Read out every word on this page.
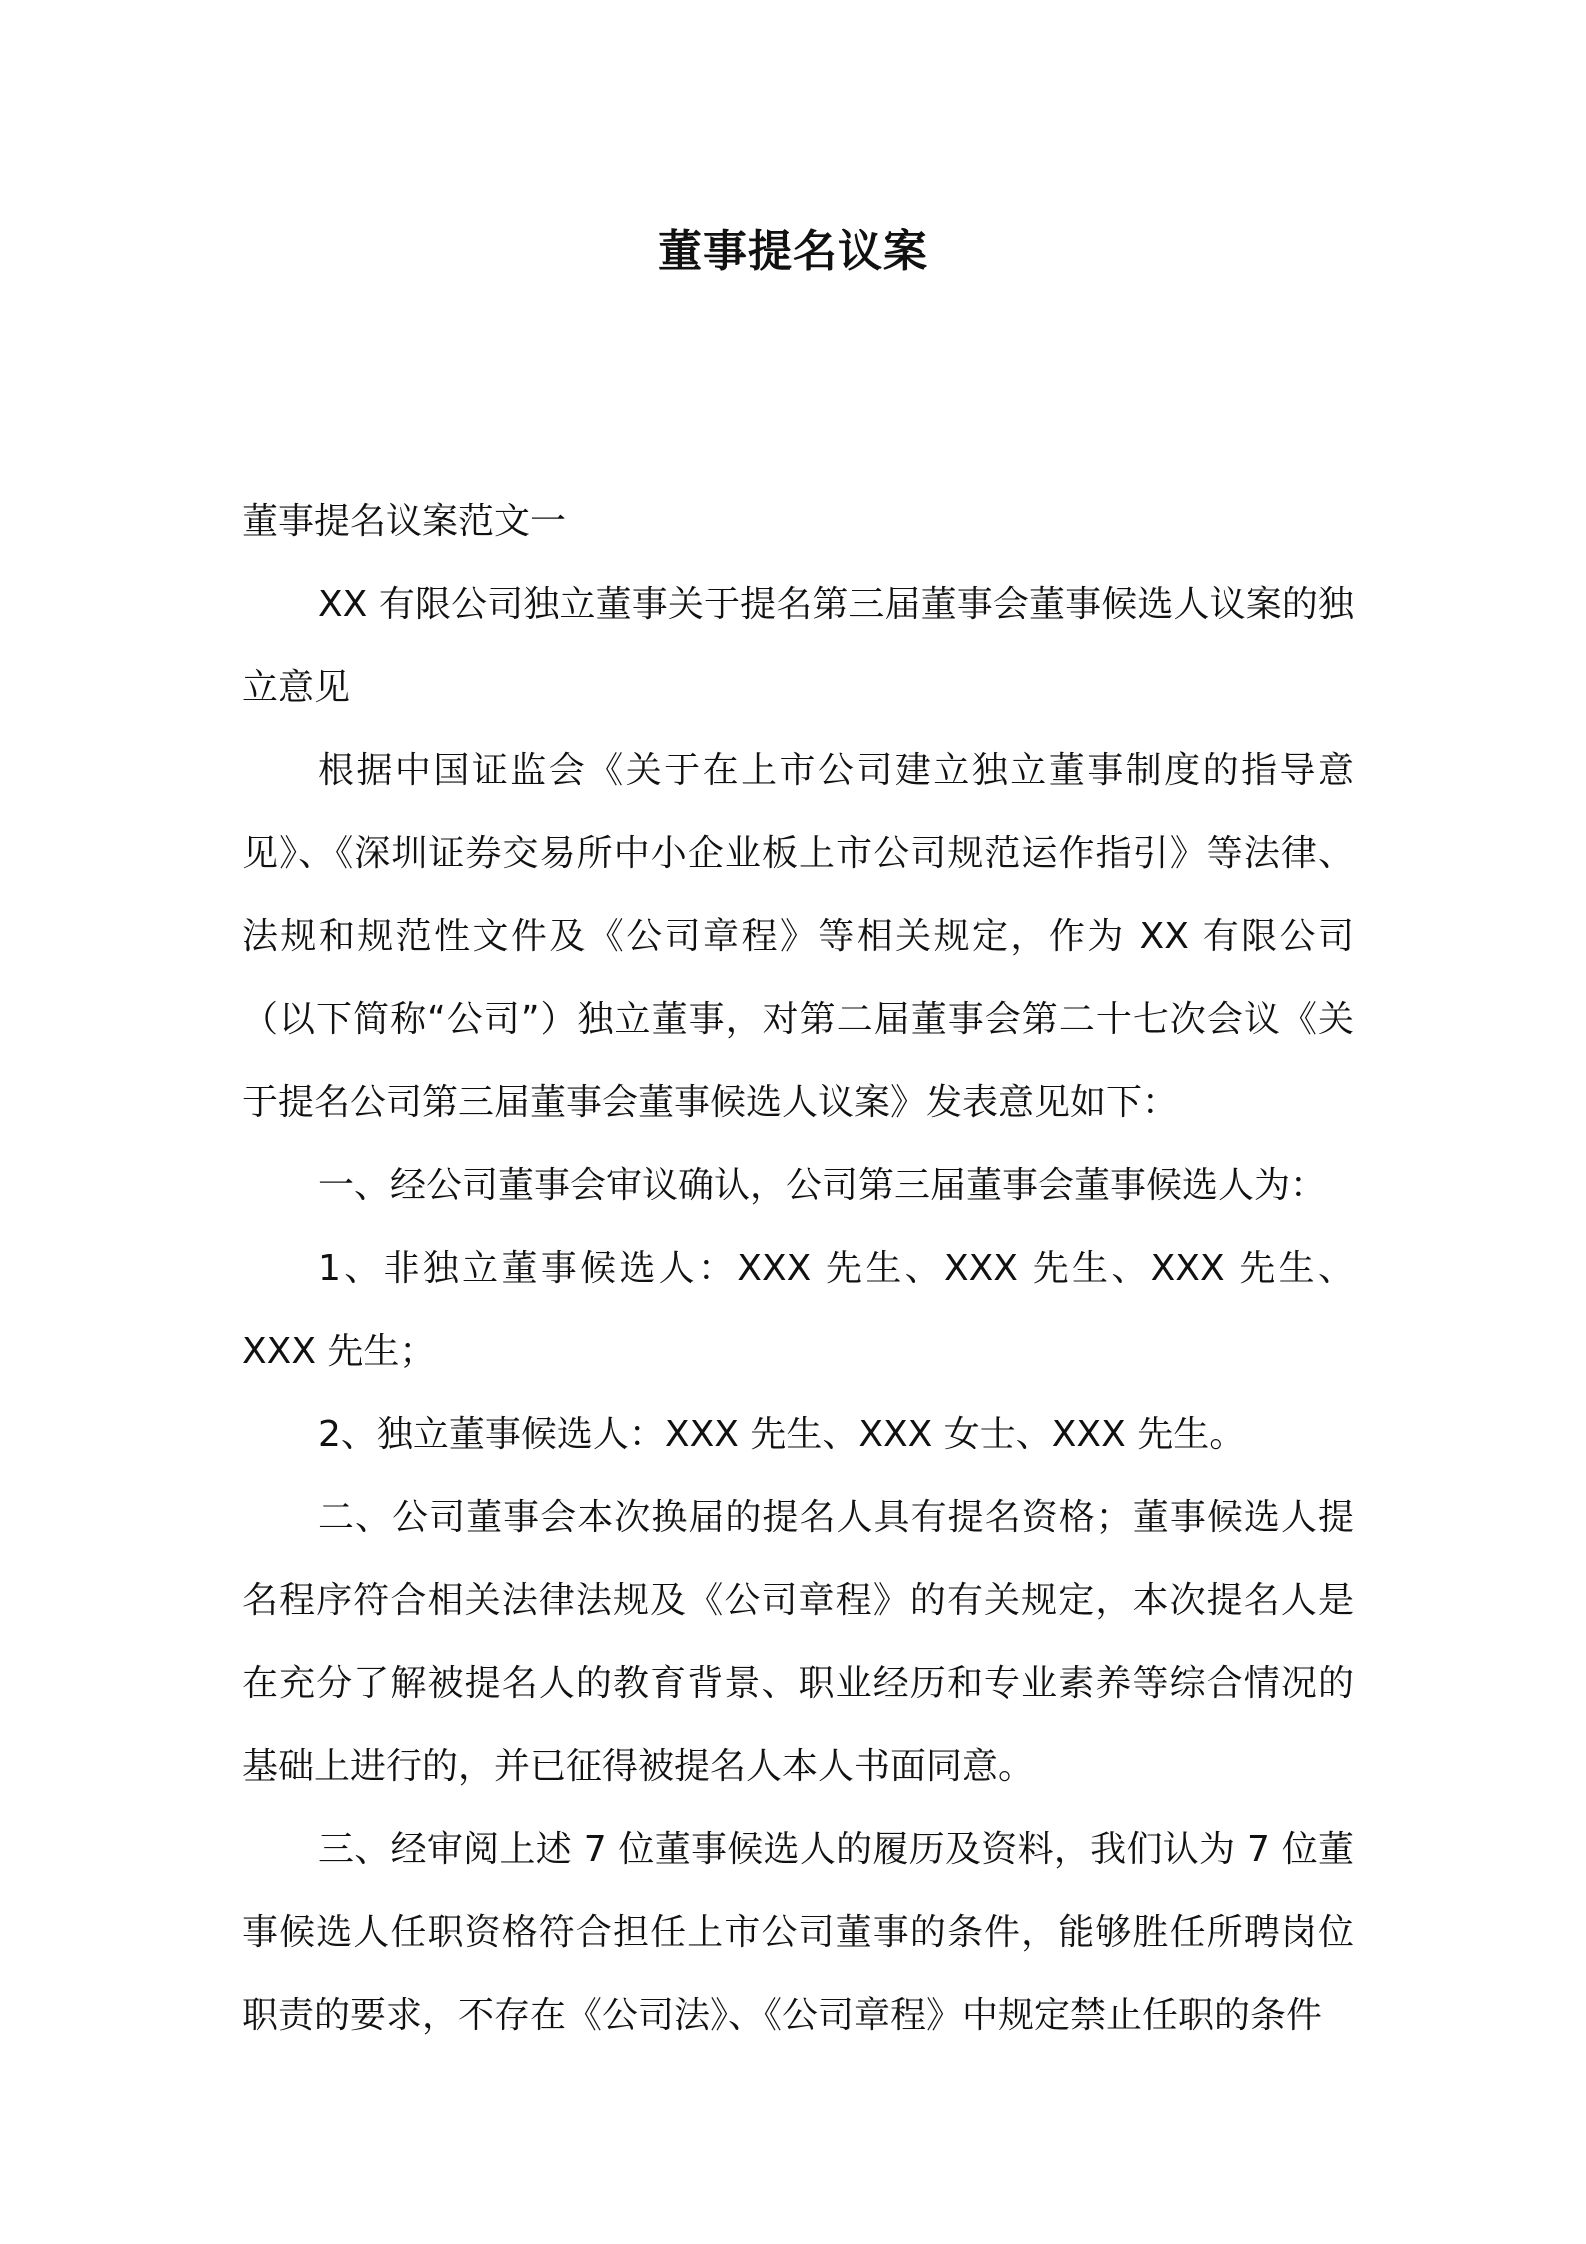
董事提名议案

董事提名议案范文一

XX 有限公司独立董事关于提名第三届董事会董事候选人议案的独立意见

根据中国证监会《关于在上市公司建立独立董事制度的指导意见》、《深圳证券交易所中小企业板上市公司规范运作指引》等法律、法规和规范性文件及《公司章程》等相关规定，作为 XX 有限公司（以下简称“公司”）独立董事，对第二届董事会第二十七次会议《关于提名公司第三届董事会董事候选人议案》发表意见如下：

一、经公司董事会审议确认，公司第三届董事会董事候选人为：

1、非独立董事候选人：XXX 先生、XXX 先生、XXX 先生、XXX 先生；

2、独立董事候选人：XXX 先生、XXX 女士、XXX 先生。

二、公司董事会本次换届的提名人具有提名资格；董事候选人提名程序符合相关法律法规及《公司章程》的有关规定，本次提名人是在充分了解被提名人的教育背景、职业经历和专业素养等综合情况的基础上进行的，并已征得被提名人本人书面同意。

三、经审阅上述 7 位董事候选人的履历及资料，我们认为 7 位董事候选人任职资格符合担任上市公司董事的条件，能够胜任所聘岗位职责的要求，不存在《公司法》、《公司章程》中规定禁止任职的条件
